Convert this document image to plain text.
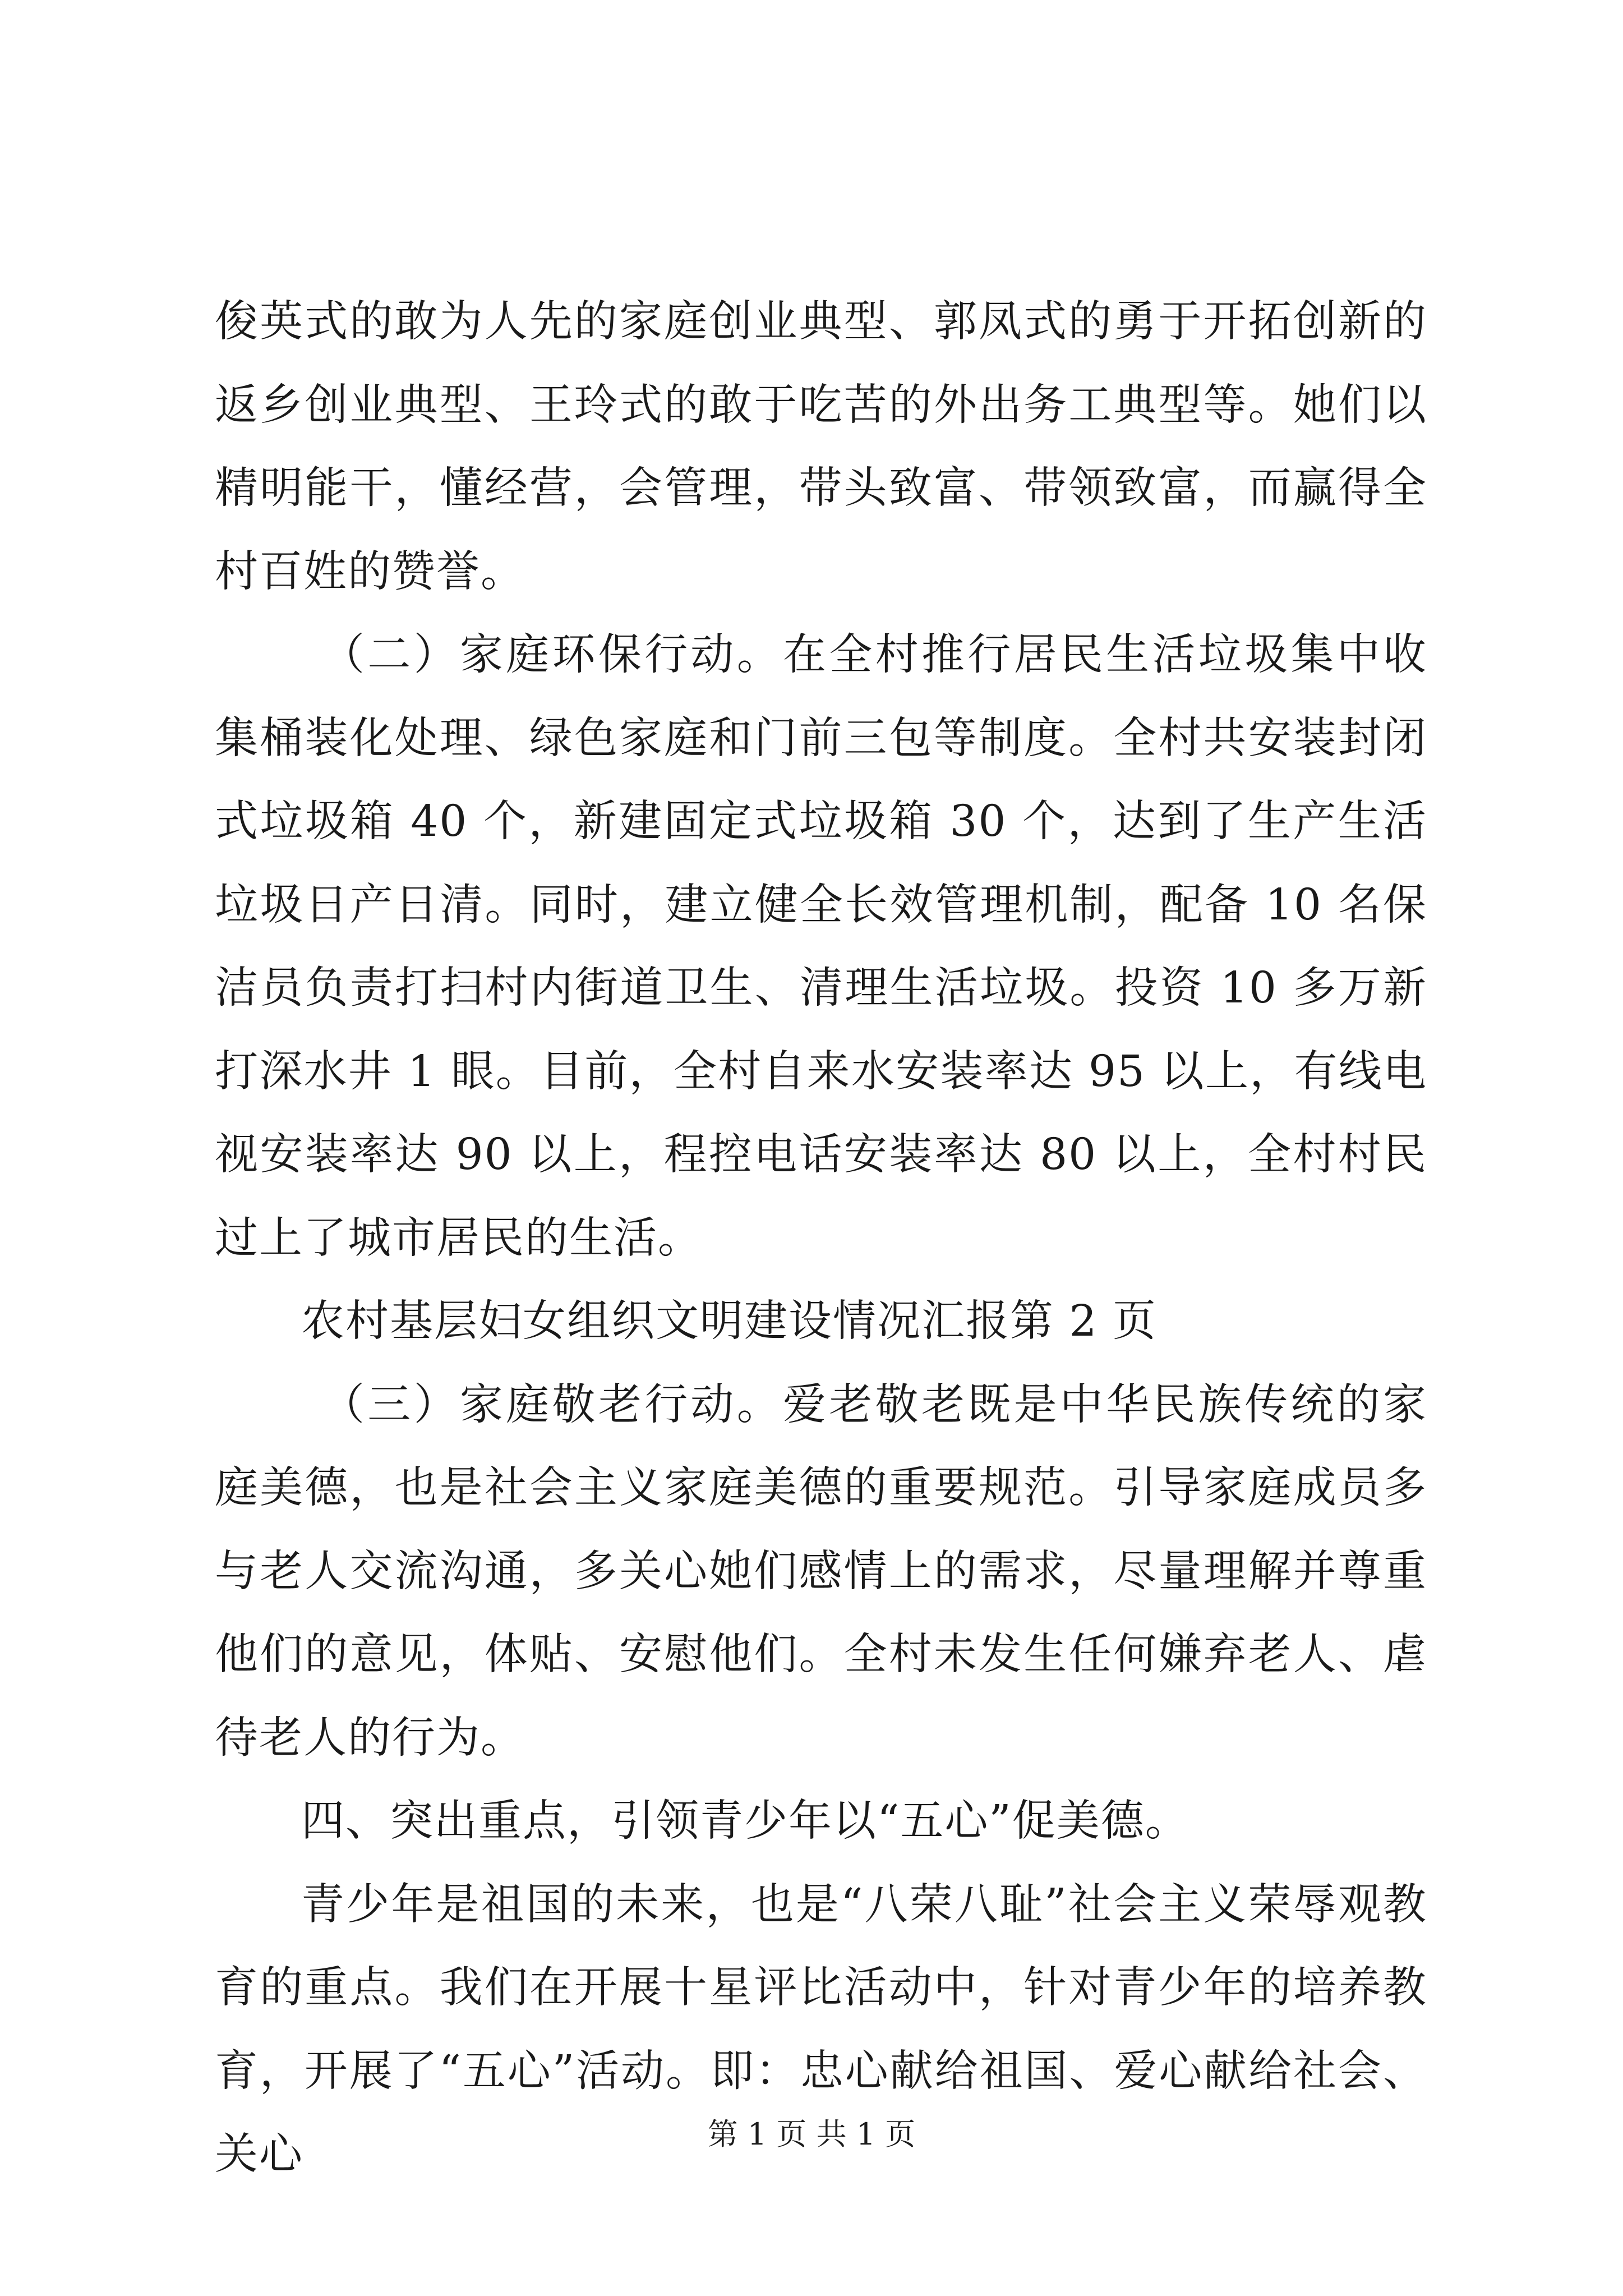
俊英式的敢为人先的家庭创业典型、郭凤式的勇于开拓创新的返乡创业典型、王玲式的敢于吃苦的外出务工典型等。她们以精明能干，懂经营，会管理，带头致富、带领致富，而赢得全村百姓的赞誉。

（二）家庭环保行动。在全村推行居民生活垃圾集中收集桶装化处理、绿色家庭和门前三包等制度。全村共安装封闭式垃圾箱 40 个，新建固定式垃圾箱 30 个，达到了生产生活垃圾日产日清。同时，建立健全长效管理机制，配备 10 名保洁员负责打扫村内街道卫生、清理生活垃圾。投资 10 多万新打深水井 1 眼。目前，全村自来水安装率达 95 以上，有线电视安装率达 90 以上，程控电话安装率达 80 以上，全村村民过上了城市居民的生活。

农村基层妇女组织文明建设情况汇报第 2 页

（三）家庭敬老行动。爱老敬老既是中华民族传统的家庭美德，也是社会主义家庭美德的重要规范。引导家庭成员多与老人交流沟通，多关心她们感情上的需求，尽量理解并尊重他们的意见，体贴、安慰他们。全村未发生任何嫌弃老人、虐待老人的行为。

四、突出重点，引领青少年以“五心”促美德。

青少年是祖国的未来，也是“八荣八耻”社会主义荣辱观教育的重点。我们在开展十星评比活动中，针对青少年的培养教育，开展了“五心”活动。即：忠心献给祖国、爱心献给社会、关心	第 1 页 共 1 页
